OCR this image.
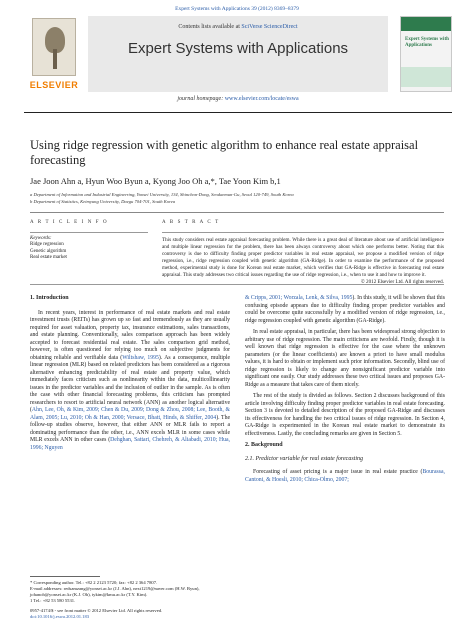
Expert Systems with Applications 39 (2012) 8369–8379
ELSEVIER
Contents lists available at SciVerse ScienceDirect
Expert Systems with Applications
journal homepage: www.elsevier.com/locate/eswa
Expert Systems with Applications
Using ridge regression with genetic algorithm to enhance real estate appraisal forecasting
Jae Joon Ahn a, Hyun Woo Byun a, Kyong Joo Oh a,*, Tae Yoon Kim b,1
a Department of Information and Industrial Engineering, Yonsei University, 134, Shinchon-Dong, Seodaemun-Gu, Seoul 120-749, South Korea
b Department of Statistics, Keimyung University, Daegu 704-701, South Korea
A R T I C L E I N F O	A B S T R A C T
Keywords:
Ridge regression
Genetic algorithm
Real estate market
This study considers real estate appraisal forecasting problem. While there is a great deal of literature about use of artificial intelligence and multiple linear regression for the problem, there has been always controversy about which one performs better. Noting that this controversy is due to difficulty finding proper predictor variables in real estate appraisal, we propose a modified version of ridge regression, i.e., ridge regression coupled with genetic algorithm (GA-Ridge). In order to examine the performance of the proposed method, experimental study is done for Korean real estate market, which verifies that GA-Ridge is effective in forecasting real estate appraisal. This study addresses two critical issues regarding the use of ridge regression, i.e., when to use it and how to improve it.
© 2012 Elsevier Ltd. All rights reserved.
1. Introduction
In recent years, interest in performance of real estate markets and real estate investment trusts (REITs) has grown up so fast and tremendously as they are usually required for asset valuation, property tax, insurance estimations, sales transactions, and estate planning. Conventionally, sales comparison approach has been widely accepted to forecast residential real estate. The sales comparison grid method, however, is often questioned for relying too much on subjective judgments for obtaining reliable and verifiable data (Wiltshaw, 1995). As a consequence, multiple linear regression (MLR) based on related predictors has been considered as a rigorous alternative enhancing predictability of real estate and property value, which immediately faces criticism such as nonlinearity within the data, multicollinearity issues in the predictor variables and the inclusion of outlier in the sample. As is often the case with other financial forecasting problems, this criticism has prompted researchers to resort to artificial neural network (ANN) as another logical alternative (Ahn, Lee, Oh, & Kim, 2009; Chen & Du, 2009; Dong & Zhou, 2008; Lee, Booth, & Alam, 2005; Lu, 2010; Oh & Han, 2000; Versace, Bhatt, Hinds, & Shiffer, 2004). The follow-up studies observe, however, that either ANN or MLR fails to report a dominating performance than the other, i.e., ANN excels MLR in some cases while MLR excels ANN in other cases (Dehghan, Sattari, Chehreh, & Aliabadi, 2010; Hua, 1996; Nguyen
& Cripps, 2001; Worzala, Lenk, & Silva, 1995). In this study, it will be shown that this confusing episode appears due to difficulty finding proper predictor variables and could be overcome quite successfully by a modified version of ridge regression, i.e., ridge regression coupled with genetic algorithm (GA-Ridge).
In real estate appraisal, in particular, there has been widespread strong objection to arbitrary use of ridge regression. The main criticisms are twofold. Firstly, though it is well known that ridge regression is effective for the case where the unknown parameters (or the linear coefficients) are known a priori to have small modulus values, it is hard to obtain or implement such prior information. Secondly, blind use of ridge regression is likely to change any nonsignificant predictor variable into significant one easily. Our study addresses these two critical issues and proposes GA-Ridge as a measure that takes care of them nicely.
The rest of the study is divided as follows. Section 2 discusses background of this article involving difficulty finding proper predictor variables in real estate forecasting. Section 3 is devoted to detailed description of the proposed GA-Ridge and discusses its effectiveness for handling the two critical issues of ridge regression. In Section 4, GA-Ridge is experimented in the Korean real estate market to demonstrate its effectiveness. Lastly, the concluding remarks are given in Section 5.
2. Background
2.1. Predictor variable for real estate forecasting
Forecasting of asset pricing is a major issue in real estate practice (Bourassa, Cantoni, & Hoesli, 2010; Chica-Olmo, 2007;
* Corresponding author. Tel.: +82 2 2123 5720; fax: +82 2 364 7807.
E-mail addresses: redsamzang@yonsei.ac.kr (J.J. Ahn), next1219@naver.com (H.W. Byun), johanoh@yonsei.ac.kr (K.J. Oh), tykim@kmu.ac.kr (T.Y. Kim).
1 Tel.: +82 53 580 5531.
0957-4174/$ - see front matter © 2012 Elsevier Ltd. All rights reserved.
doi:10.1016/j.eswa.2012.01.183
